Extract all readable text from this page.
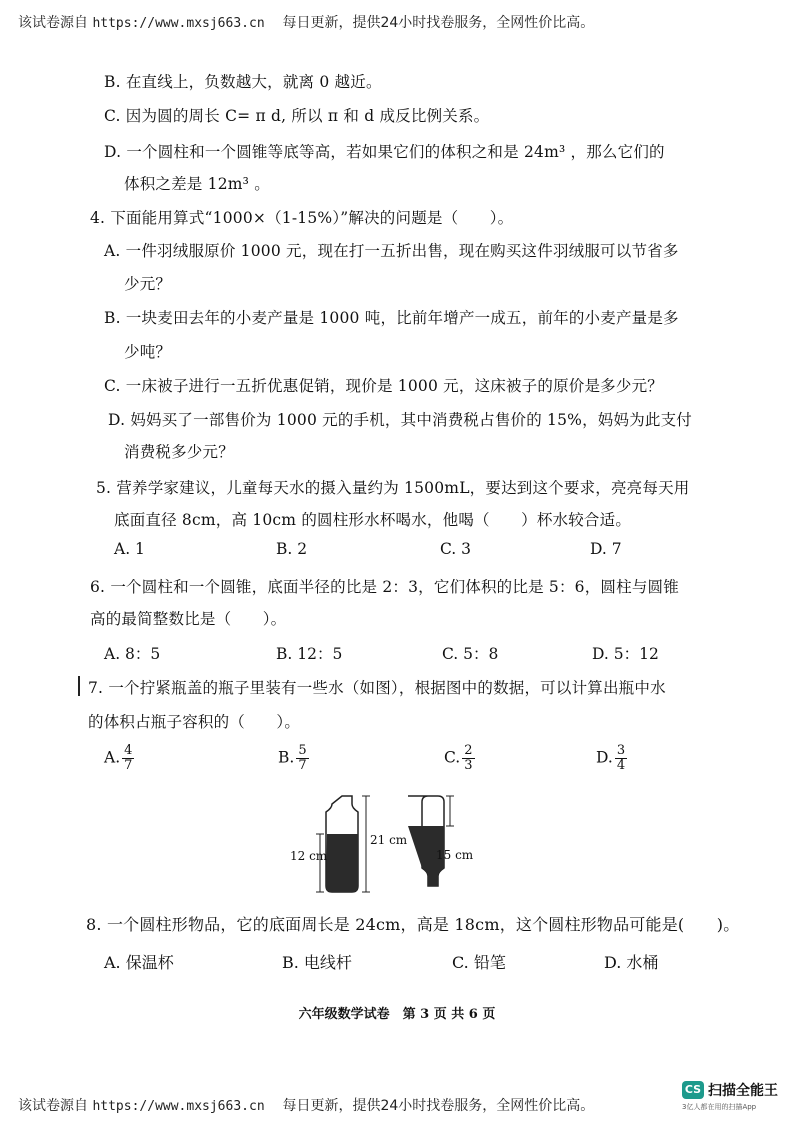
该试卷源自 https://www.mxsj663.cn 每日更新，提供24小时找卷服务，全网性价比高。
B. 在直线上，负数越大，就离 0 越近。
C. 因为圆的周长 C= π d, 所以 π 和 d 成反比例关系。
D. 一个圆柱和一个圆锥等底等高，若如果它们的体积之和是 24m³ ，那么它们的
体积之差是 12m³ 。
4. 下面能用算式“1000×（1-15%）”解决的问题是（　　）。
A. 一件羽绒服原价 1000 元，现在打一五折出售，现在购买这件羽绒服可以节省多
少元？
B. 一块麦田去年的小麦产量是 1000 吨，比前年增产一成五，前年的小麦产量是多
少吨？
C. 一床被子进行一五折优惠促销，现价是 1000 元，这床被子的原价是多少元？
D. 妈妈买了一部售价为 1000 元的手机，其中消费税占售价的 15%，妈妈为此支付
消费税多少元？
5. 营养学家建议，儿童每天水的摄入量约为 1500mL，要达到这个要求，亮亮每天用
底面直径 8cm，高 10cm 的圆柱形水杯喝水，他喝（　　）杯水较合适。
A. 1	B. 2	C. 3	D. 7
6. 一个圆柱和一个圆锥，底面半径的比是 2：3，它们体积的比是 5：6，圆柱与圆锥
高的最简整数比是（　　）。
A. 8：5	B. 12：5	C. 5：8	D. 5：12
7. 一个拧紧瓶盖的瓶子里装有一些水（如图），根据图中的数据，可以计算出瓶中水
的体积占瓶子容积的（　　）。
A. $\frac{4}{7}$	B. $\frac{5}{7}$	C. $\frac{2}{3}$	D. $\frac{3}{4}$
21 cm
12 cm	15 cm
8. 一个圆柱形物品，它的底面周长是 24cm，高是 18cm，这个圆柱形物品可能是(　　)。
A. 保温杯	B. 电线杆	C. 铅笔	D. 水桶
六年级数学试卷　第 3 页 共 6 页
该试卷源自 https://www.mxsj663.cn 每日更新，提供24小时找卷服务，全网性价比高。
CS 扫描全能王
3亿人都在用的扫描App
